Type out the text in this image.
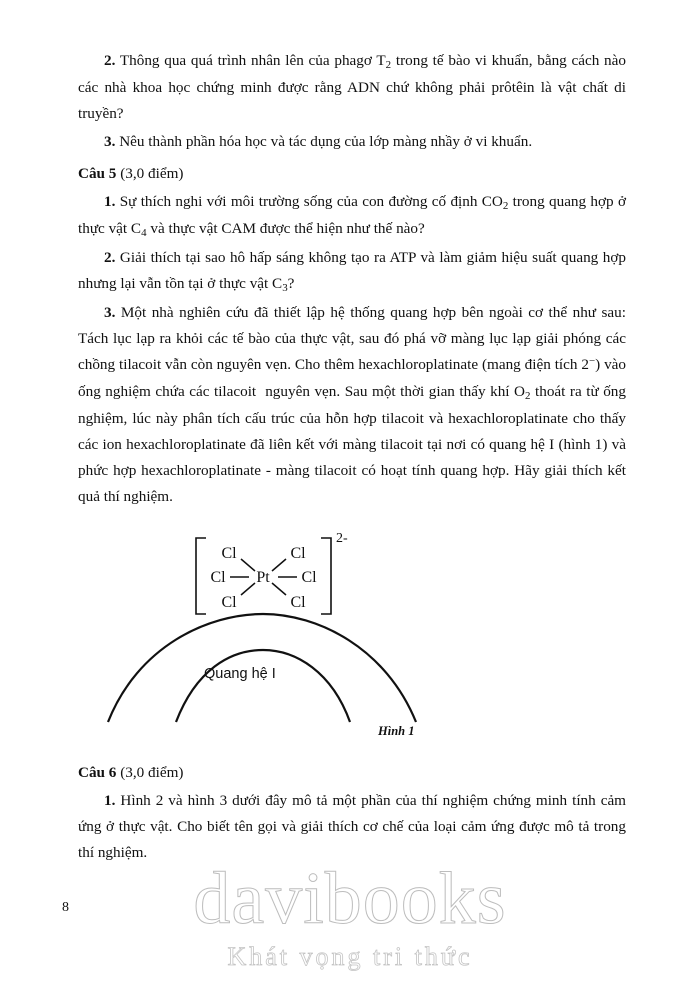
2. Thông qua quá trình nhân lên của phagơ $T_2$ trong tế bào vi khuẩn, bằng cách nào các nhà khoa học chứng minh được rằng ADN chứ không phải prôtêin là vật chất di truyền?

3. Nêu thành phần hóa học và tác dụng của lớp màng nhầy ở vi khuẩn.

Câu 5 (3,0 điểm)

1. Sự thích nghi với môi trường sống của con đường cố định $CO_2$ trong quang hợp ở thực vật $C_4$ và thực vật CAM được thể hiện như thế nào?

2. Giải thích tại sao hô hấp sáng không tạo ra ATP và làm giảm hiệu suất quang hợp nhưng lại vẫn tồn tại ở thực vật $C_3$?

3. Một nhà nghiên cứu đã thiết lập hệ thống quang hợp bên ngoài cơ thể như sau: Tách lục lạp ra khỏi các tế bào của thực vật, sau đó phá vỡ màng lục lạp giải phóng các chồng tilacoit vẫn còn nguyên vẹn. Cho thêm hexachloroplatinate (mang điện tích 2−) vào ống nghiệm chứa các tilacoit  nguyên vẹn. Sau một thời gian thấy khí $O_2$ thoát ra từ ống nghiệm, lúc này phân tích cấu trúc của hỗn hợp tilacoit và hexachloroplatinate cho thấy các ion hexachloroplatinate đã liên kết với màng tilacoit tại nơi có quang hệ I (hình 1) và phức hợp hexachloroplatinate - màng tilacoit có hoạt tính quang hợp. Hãy giải thích kết quả thí nghiệm.

Cl	Cl
Cl	Cl
Cl	Cl
Pt
2-
Quang hệ I
Hình 1

Câu 6 (3,0 điểm)

1. Hình 2 và hình 3 dưới đây mô tả một phần của thí nghiệm chứng minh tính cảm ứng ở thực vật. Cho biết tên gọi và giải thích cơ chế của loại cảm ứng được mô tả trong thí nghiệm.

8	davibooks
Khát vọng tri thức
